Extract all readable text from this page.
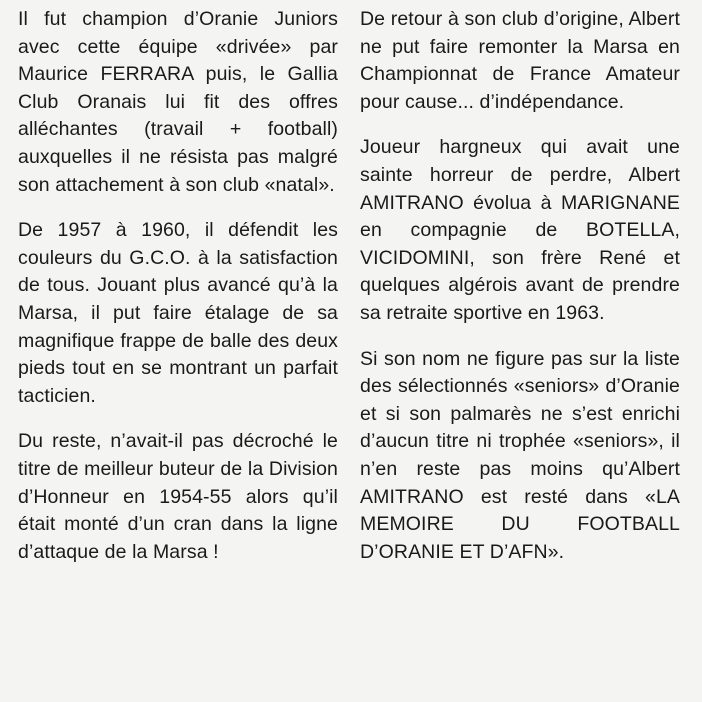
Il fut champion d’Oranie Juniors avec cette équipe «drivée» par Maurice FERRARA puis, le Gallia Club Oranais lui fit des offres alléchantes (travail + football) auxquelles il ne résista pas malgré son attachement à son club «natal».

De 1957 à 1960, il défendit les couleurs du G.C.O. à la satisfaction de tous. Jouant plus avancé qu’à la Marsa, il put faire étalage de sa magnifique frappe de balle des deux pieds tout en se montrant un parfait tacticien.

Du reste, n’avait-il pas décroché le titre de meilleur buteur de la Division d’Honneur en 1954-55 alors qu’il était monté d’un cran dans la ligne d’attaque de la Marsa !

De retour à son club d’origine, Albert ne put faire remonter la Marsa en Championnat de France Amateur pour cause... d’indépendance.

Joueur hargneux qui avait une sainte horreur de perdre, Albert AMITRANO évolua à MARIGNANE en compagnie de BOTELLA, VICIDOMINI, son frère René et quelques algérois avant de prendre sa retraite sportive en 1963.

Si son nom ne figure pas sur la liste des sélectionnés «seniors» d’Oranie et si son palmarès ne s’est enrichi d’aucun titre ni trophée «seniors», il n’en reste pas moins qu’Albert AMITRANO est resté dans «LA MEMOIRE DU FOOTBALL D’ORANIE ET D’AFN».
